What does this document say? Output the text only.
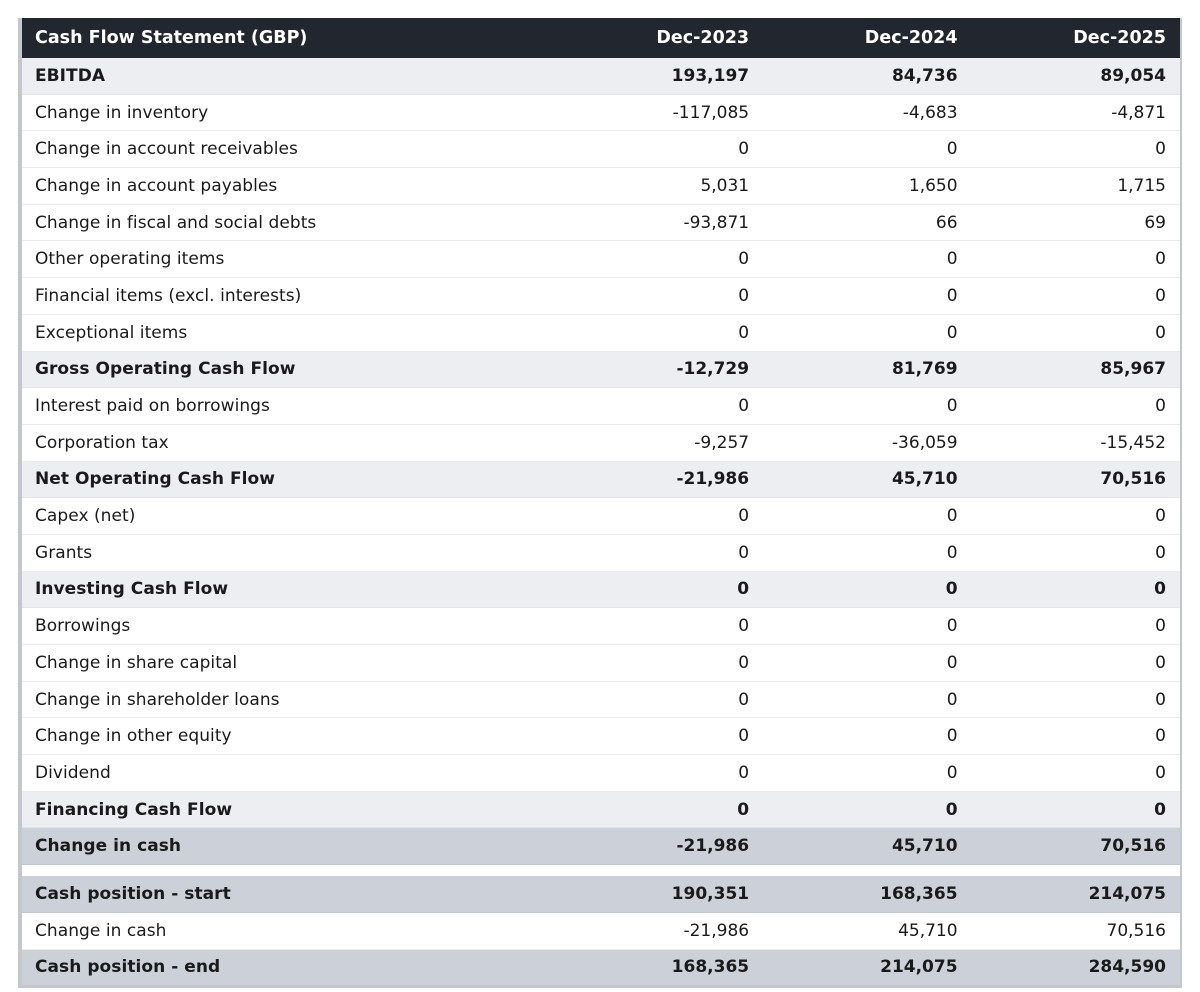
Cash Flow Statement (GBP)	Dec-2023	Dec-2024	Dec-2025
EBITDA	193,197	84,736	89,054
Change in inventory	-117,085	-4,683	-4,871
Change in account receivables	0	0	0
Change in account payables	5,031	1,650	1,715
Change in fiscal and social debts	-93,871	66	69
Other operating items	0	0	0
Financial items (excl. interests)	0	0	0
Exceptional items	0	0	0
Gross Operating Cash Flow	-12,729	81,769	85,967
Interest paid on borrowings	0	0	0
Corporation tax	-9,257	-36,059	-15,452
Net Operating Cash Flow	-21,986	45,710	70,516
Capex (net)	0	0	0
Grants	0	0	0
Investing Cash Flow	0	0	0
Borrowings	0	0	0
Change in share capital	0	0	0
Change in shareholder loans	0	0	0
Change in other equity	0	0	0
Dividend	0	0	0
Financing Cash Flow	0	0	0
Change in cash	-21,986	45,710	70,516

Cash position - start	190,351	168,365	214,075
Change in cash	-21,986	45,710	70,516
Cash position - end	168,365	214,075	284,590
